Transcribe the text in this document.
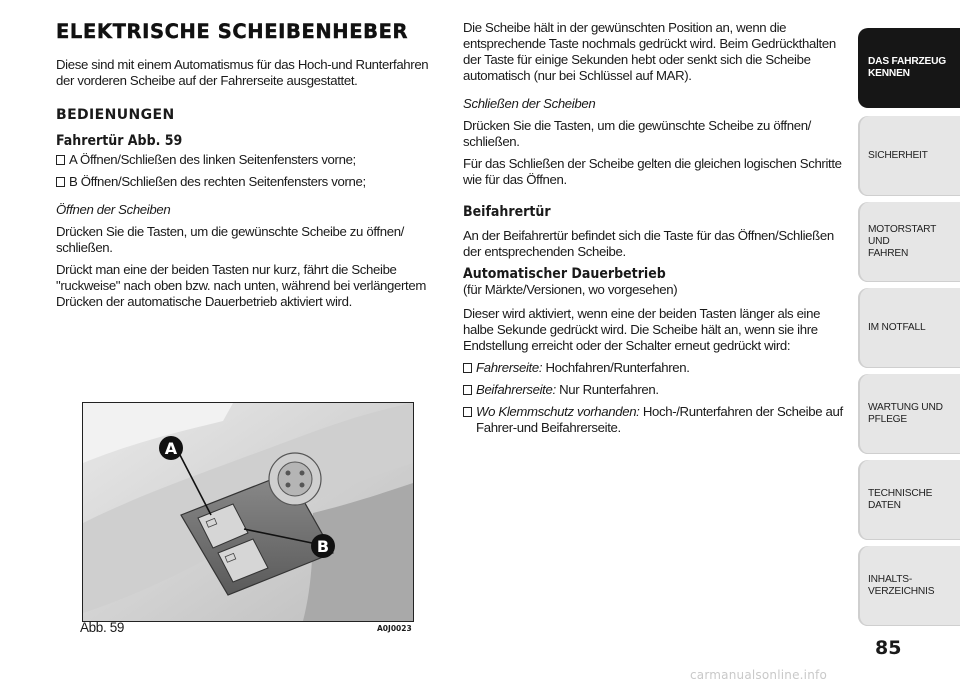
ELEKTRISCHE SCHEIBENHEBER

Diese sind mit einem Automatismus für das Hoch-und Runterfahren der vorderen Scheibe auf der Fahrerseite ausgestattet.

BEDIENUNGEN
Fahrertür Abb. 59
A Öffnen/Schließen des linken Seitenfensters vorne;
B Öffnen/Schließen des rechten Seitenfensters vorne;

Öffnen der Scheiben

Drücken Sie die Tasten, um die gewünschte Scheibe zu öffnen/ schließen.

Drückt man eine der beiden Tasten nur kurz, fährt die Scheibe "ruckweise" nach oben bzw. nach unten, während bei verlängertem Drücken der automatische Dauerbetrieb aktiviert wird.

A
B
Abb. 59	A0J0023

Die Scheibe hält in der gewünschten Position an, wenn die entsprechende Taste nochmals gedrückt wird. Beim Gedrückthalten der Taste für einige Sekunden hebt oder senkt sich die Scheibe automatisch (nur bei Schlüssel auf MAR).

Schließen der Scheiben

Drücken Sie die Tasten, um die gewünschte Scheibe zu öffnen/ schließen.

Für das Schließen der Scheibe gelten die gleichen logischen Schritte wie für das Öffnen.

Beifahrertür

An der Beifahrertür befindet sich die Taste für das Öffnen/Schließen der entsprechenden Scheibe.

Automatischer Dauerbetrieb

(für Märkte/Versionen, wo vorgesehen)

Dieser wird aktiviert, wenn eine der beiden Tasten länger als eine halbe Sekunde gedrückt wird. Die Scheibe hält an, wenn sie ihre Endstellung erreicht oder der Schalter erneut gedrückt wird:

Fahrerseite: Hochfahren/Runterfahren.
Beifahrerseite: Nur Runterfahren.
Wo Klemmschutz vorhanden: Hoch-/Runterfahren der Scheibe auf Fahrer-und Beifahrerseite.
DAS FAHRZEUG
KENNEN
SICHERHEIT
MOTORSTART UND
FAHREN
IM NOTFALL
WARTUNG UND
PFLEGE
TECHNISCHE DATEN
INHALTS-
VERZEICHNIS
85
carmanualsonline.info
